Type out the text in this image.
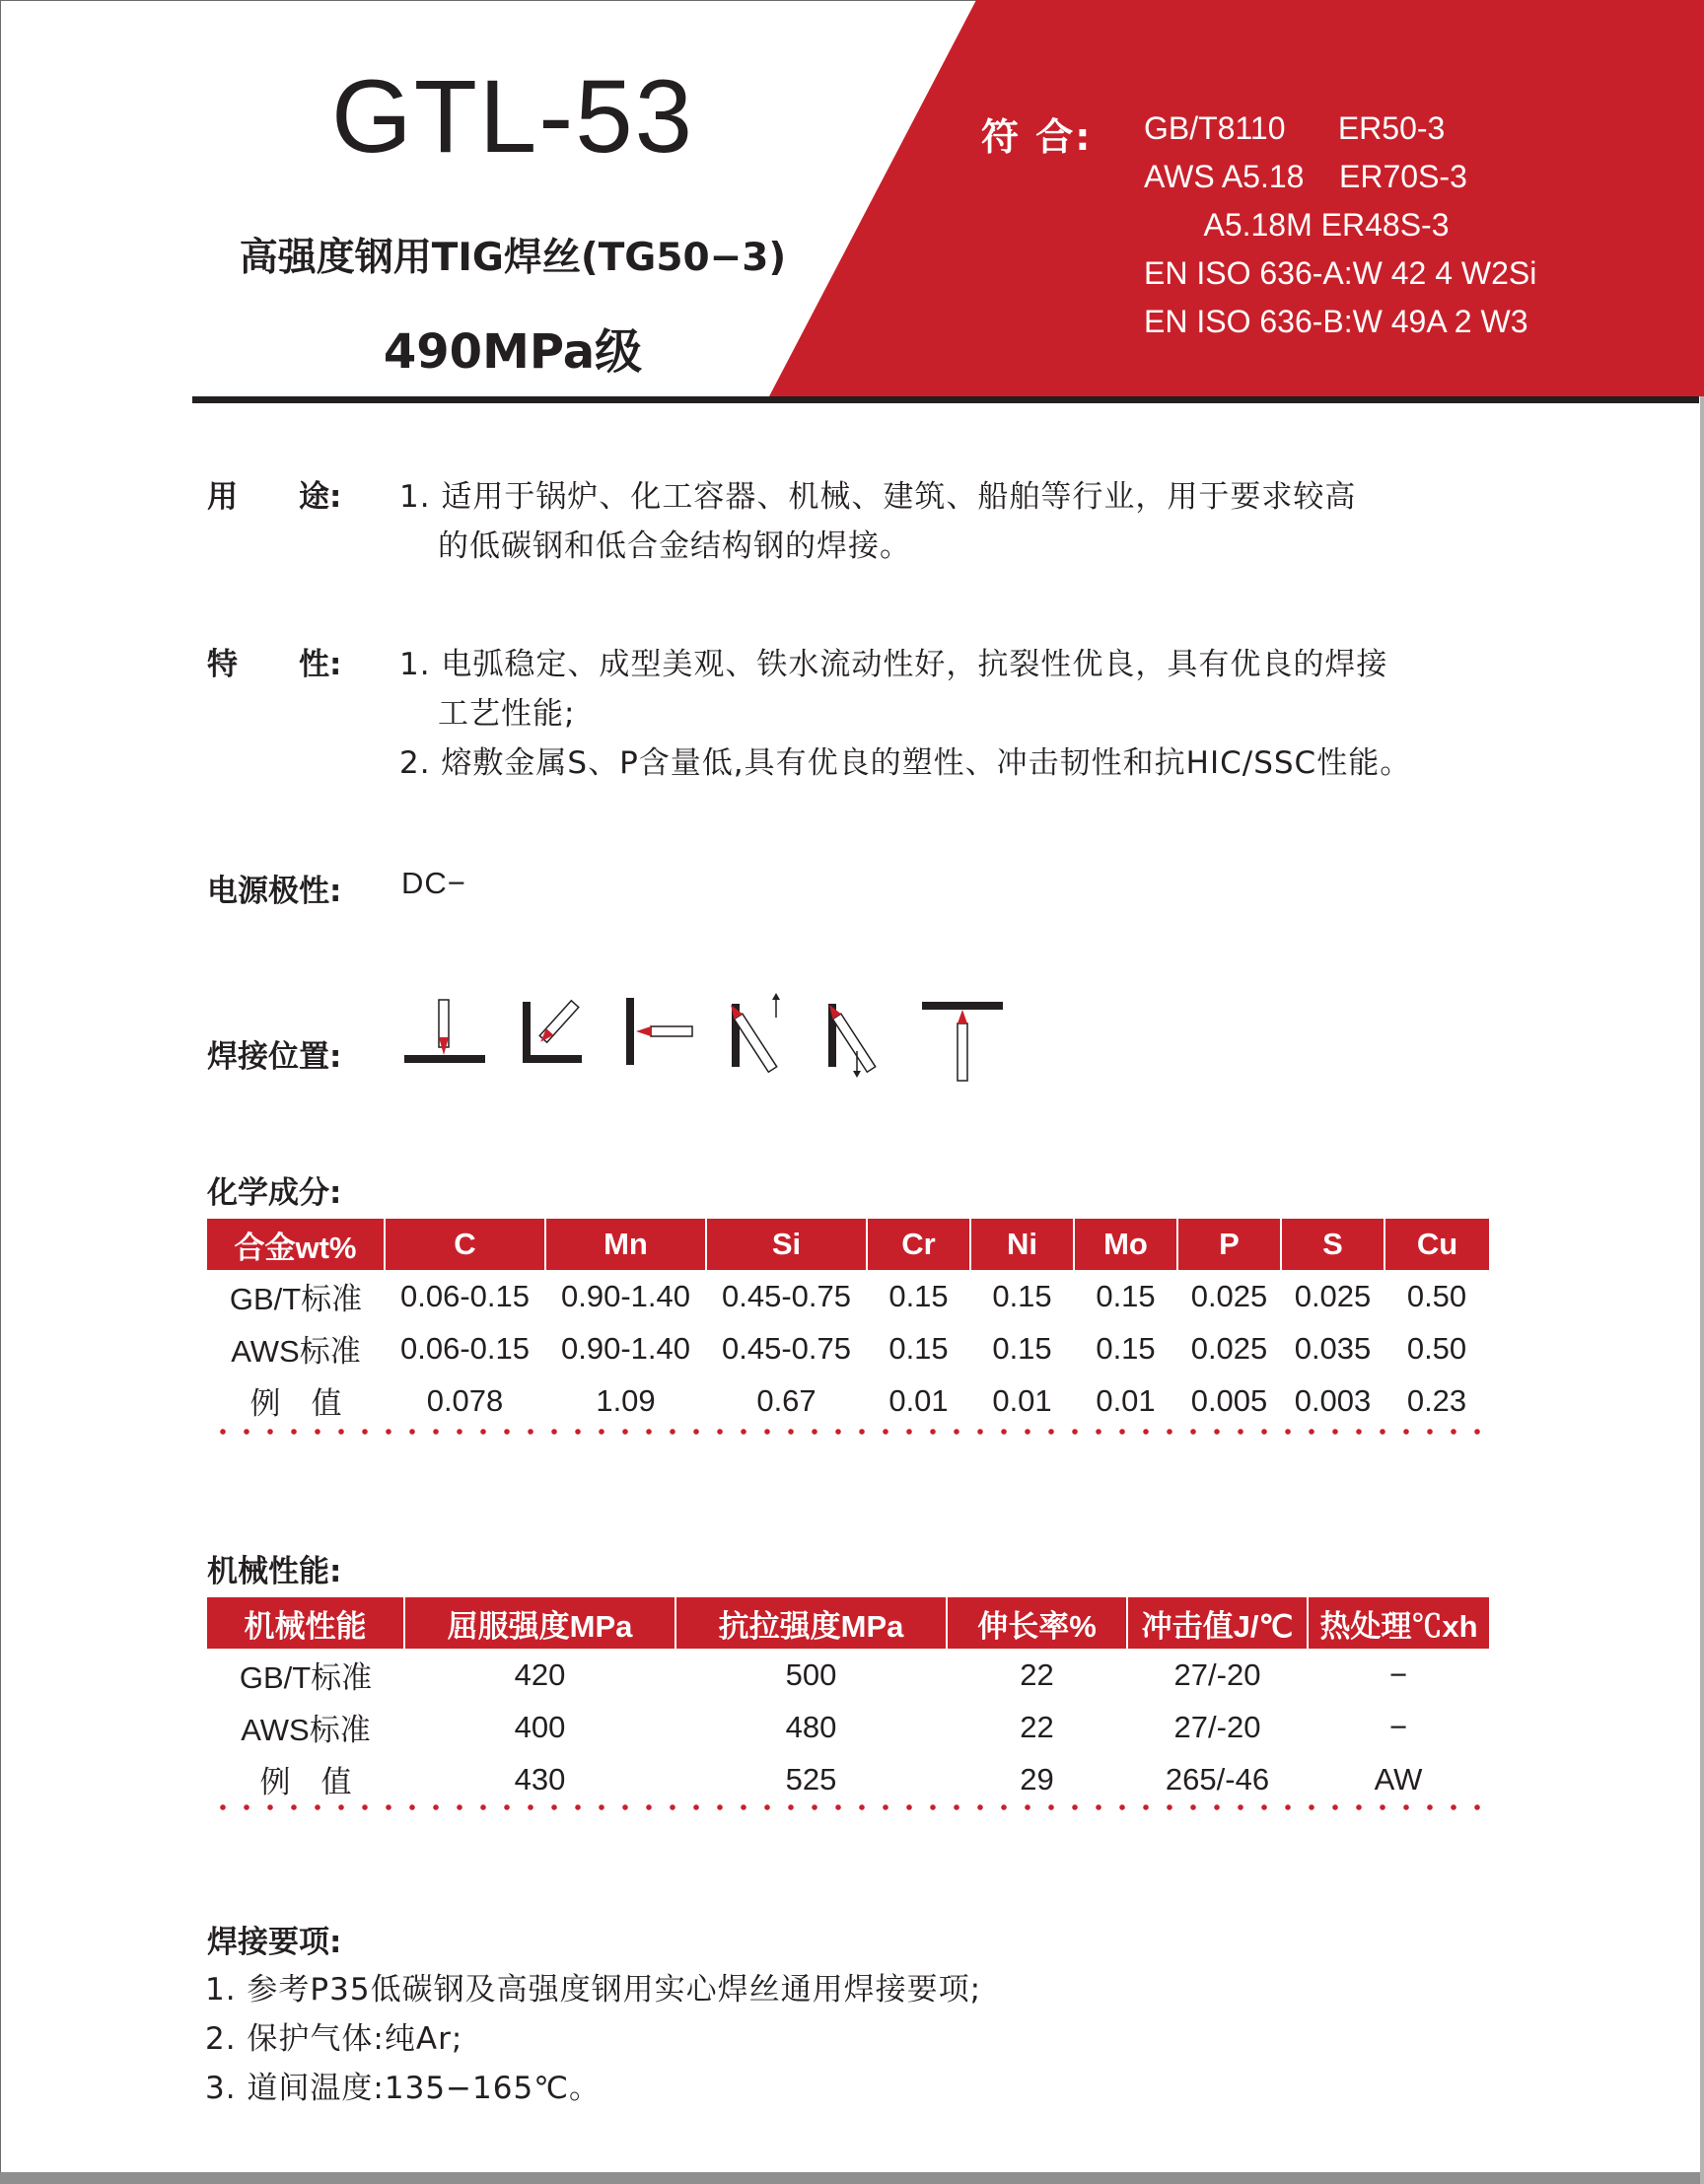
GTL-53
高强度钢用TIG焊丝(TG50−3)
490MPa级
符 合: GB/T8110      ER50-3
AWS A5.18    ER70S-3
A5.18M ER48S-3
EN ISO 636-A:W 42 4 W2Si
EN ISO 636-B:W 49A 2 W3
用　　途: 1. 适用于锅炉、化工容器、机械、建筑、船舶等行业，用于要求较高
的低碳钢和低合金结构钢的焊接。
特　　性: 1. 电弧稳定、成型美观、铁水流动性好，抗裂性优良，具有优良的焊接
工艺性能;
2. 熔敷金属S、P含量低,具有优良的塑性、冲击韧性和抗HIC/SSC性能。
电源极性: DC−
焊接位置:
化学成分:
合金wt%	C	Mn	Si	Cr	Ni	Mo	P	S	Cu
GB/T标准	0.06-0.15	0.90-1.40	0.45-0.75	0.15	0.15	0.15	0.025	0.025	0.50
AWS标准	0.06-0.15	0.90-1.40	0.45-0.75	0.15	0.15	0.15	0.025	0.035	0.50
例　值	0.078	1.09	0.67	0.01	0.01	0.01	0.005	0.003	0.23
机械性能:
机械性能	屈服强度MPa	抗拉强度MPa	伸长率%	冲击值J/℃	热处理℃xh
GB/T标准	420	500	22	27/-20	−
AWS标准	400	480	22	27/-20	−
例　值	430	525	29	265/-46	AW
焊接要项:
1. 参考P35低碳钢及高强度钢用实心焊丝通用焊接要项;
2. 保护气体:纯Ar;
3. 道间温度:135−165℃。
